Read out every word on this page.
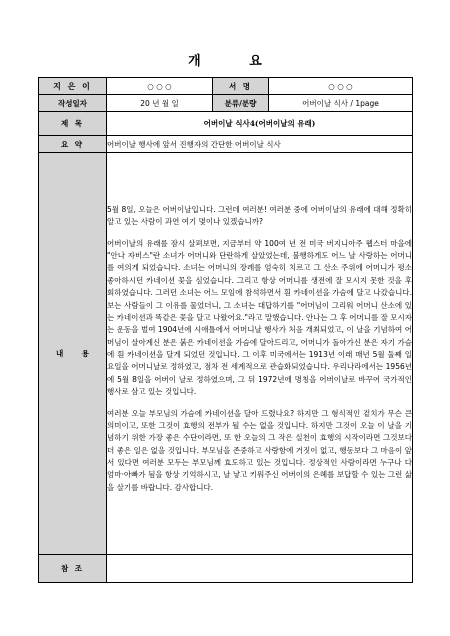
개 요
지 은 이	○ ○ ○	서 명	○ ○ ○
작성일자	20 년 월 일	분류/분량	어버이날 식사 / 1page
제 목	어버이날 식사4(어버이날의 유래)		
요 약	어버이날 행사에 앞서 진행자의 간단한 어버이날 식사		

내 용	5월 8일, 오늘은 어버이날입니다. 그런데 여러분! 여러분 중에 어버이날의 유래에 대해 정확히 알고 있는 사람이 과연 여기 몇이나 있겠습니까?

어버이날의 유래를 잠시 살펴보면, 지금부터 약 100여 년 전 미국 버지니아주 웹스터 마을에 "안나 자비스"란 소녀가 어머니와 단란하게 살았었는데, 불행하게도 어느 날 사랑하는 어머니를 여의게 되었습니다. 소녀는 어머니의 장례를 엄숙히 치르고 그 산소 주위에 어머니가 평소 좋아하시던 카네이션 꽃을 심었습니다. 그리고 항상 어머니를 생전에 잘 모시지 못한 것을 후회하였습니다. 그러던 소녀는 어느 모임에 참석하면서 흰 카네이션을 가슴에 달고 나갔습니다. 보는 사람들이 그 이유를 물었더니, 그 소녀는 대답하기를 "어머님이 그리워 어머니 산소에 있는 카네이션과 똑같은 꽃을 달고 나왔어요."라고 말했습니다. 안나는 그 후 어머니를 잘 모시자는 운동을 벌여 1904년에 시애틀에서 어머니날 행사가 처음 개최되었고, 이 날을 기념하여 어머님이 살아계신 분은 붉은 카네이션을 가슴에 달아드리고, 어머니가 돌아가신 분은 자기 가슴에 흰 카네이션을 달게 되었던 것입니다. 그 이후 미국에서는 1913년 이래 매년 5월 둘째 일요일을 어머니날로 정하였고, 점차 전 세계적으로 관습화되었습니다. 우리나라에서는 1956년에 5월 8일을 어버이 날로 정하였으며, 그 뒤 1972년에 명칭을 어버이날로 바꾸어 국가적인 행사로 삼고 있는 것입니다.

여러분 오늘 부모님의 가슴에 카네이션을 달아 드렸나요? 하지만 그 형식적인 겉치가 무슨 큰 의미이고, 또한 그것이 효행의 전부가 될 수는 없을 것입니다. 하지만 그것이 오늘 이 날을 기념하기 위한 가장 좋은 수단이라면, 또 한 오늘의 그 작은 실천이 효행의 시작이라면 그것보다 더 좋은 일은 없을 것입니다. 부모님을 존중하고 사랑함에 거짓이 없고, 행동보다 그 마음이 앞서 있다면 여러분 모두는 부모님께 효도하고 있는 것입니다. 정상적인 사람이라면 누구나 다 엄마·아빠가 됨을 항상 기억하시고, 날 낳고 키워주신 어버이의 은혜를 보답할 수 있는 그런 삶을 살기를 바랍니다. 감사합니다.		

참 조			
